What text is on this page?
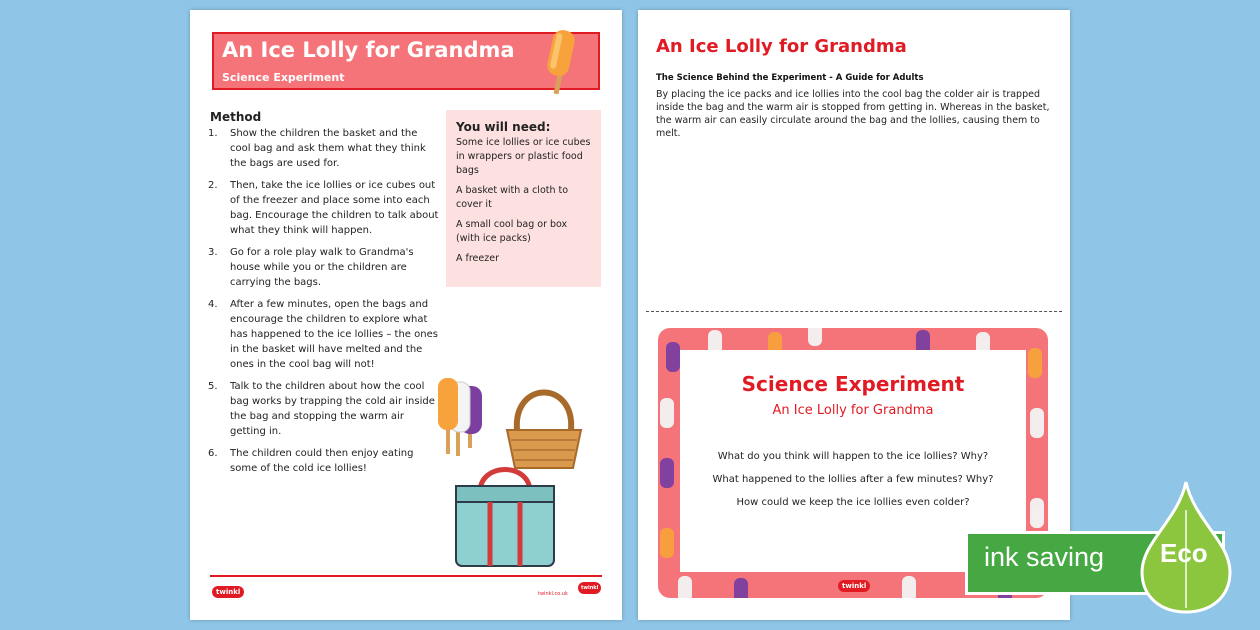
An Ice Lolly for Grandma
Science Experiment
Method
1.	Show the children the basket and the cool bag and ask them what they think the bags are used for.
2.	Then, take the ice lollies or ice cubes out of the freezer and place some into each bag. Encourage the children to talk about what they think will happen.
3.	Go for a role play walk to Grandma's house while you or the children are carrying the bags.
4.	After a few minutes, open the bags and encourage the children to explore what has happened to the ice lollies – the ones in the basket will have melted and the ones in the cool bag will not!
5.	Talk to the children about how the cool bag works by trapping the cold air inside the bag and stopping the warm air getting in.
6.	The children could then enjoy eating some of the cold ice lollies!
You will need:
Some ice lollies or ice cubes in wrappers or plastic food bags
A basket with a cloth to cover it
A small cool bag or box (with ice packs)
A freezer
twinkl	twinkl.co.uk
twinkl
An Ice Lolly for Grandma
The Science Behind the Experiment - A Guide for Adults
By placing the ice packs and ice lollies into the cool bag the colder air is trapped inside the bag and the warm air is stopped from getting in. Whereas in the basket, the warm air can easily circulate around the bag and the lollies, causing them to melt.
Science Experiment
An Ice Lolly for Grandma
What do you think will happen to the ice lollies? Why?
What happened to the lollies after a few minutes? Why?
How could we keep the ice lollies even colder?
twinkl
ink saving Eco
